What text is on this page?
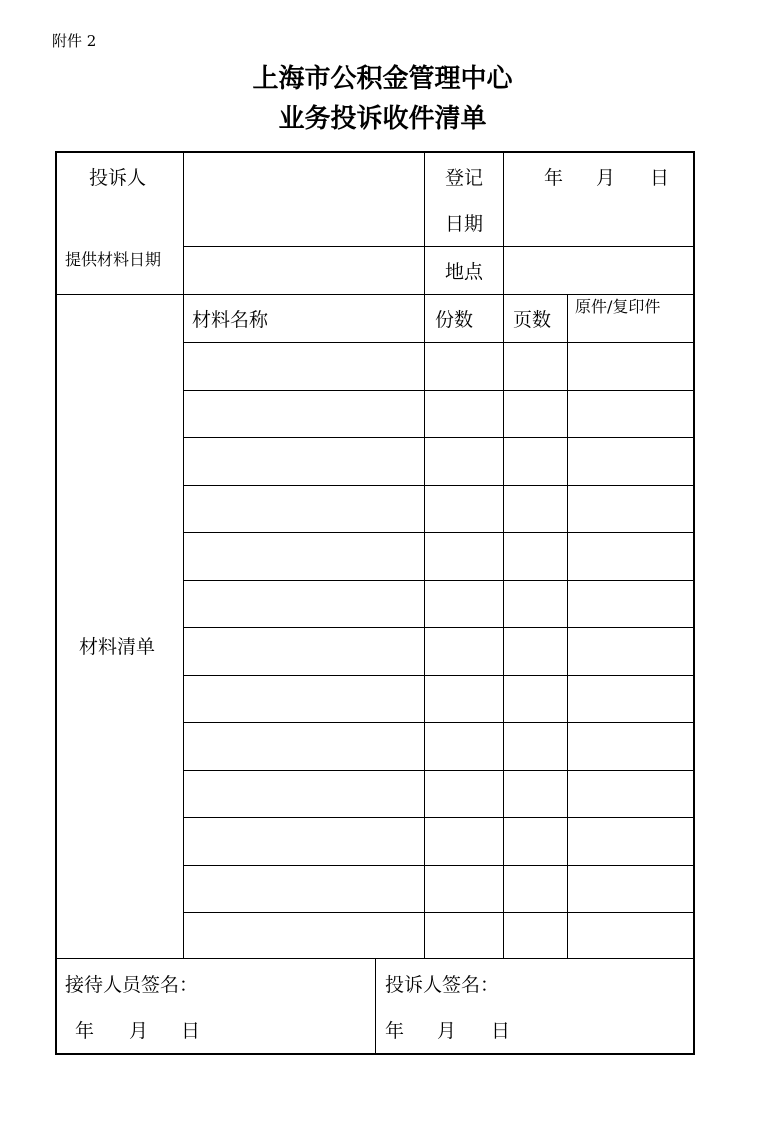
附件 2
上海市公积金管理中心
业务投诉收件清单
投诉人	登记
日期
年 月 日
提供材料日期
地点
材料清单
材料名称	份数 页数
原件/复印件
接待人员签名：
年 月 日
投诉人签名：
年 月 日
